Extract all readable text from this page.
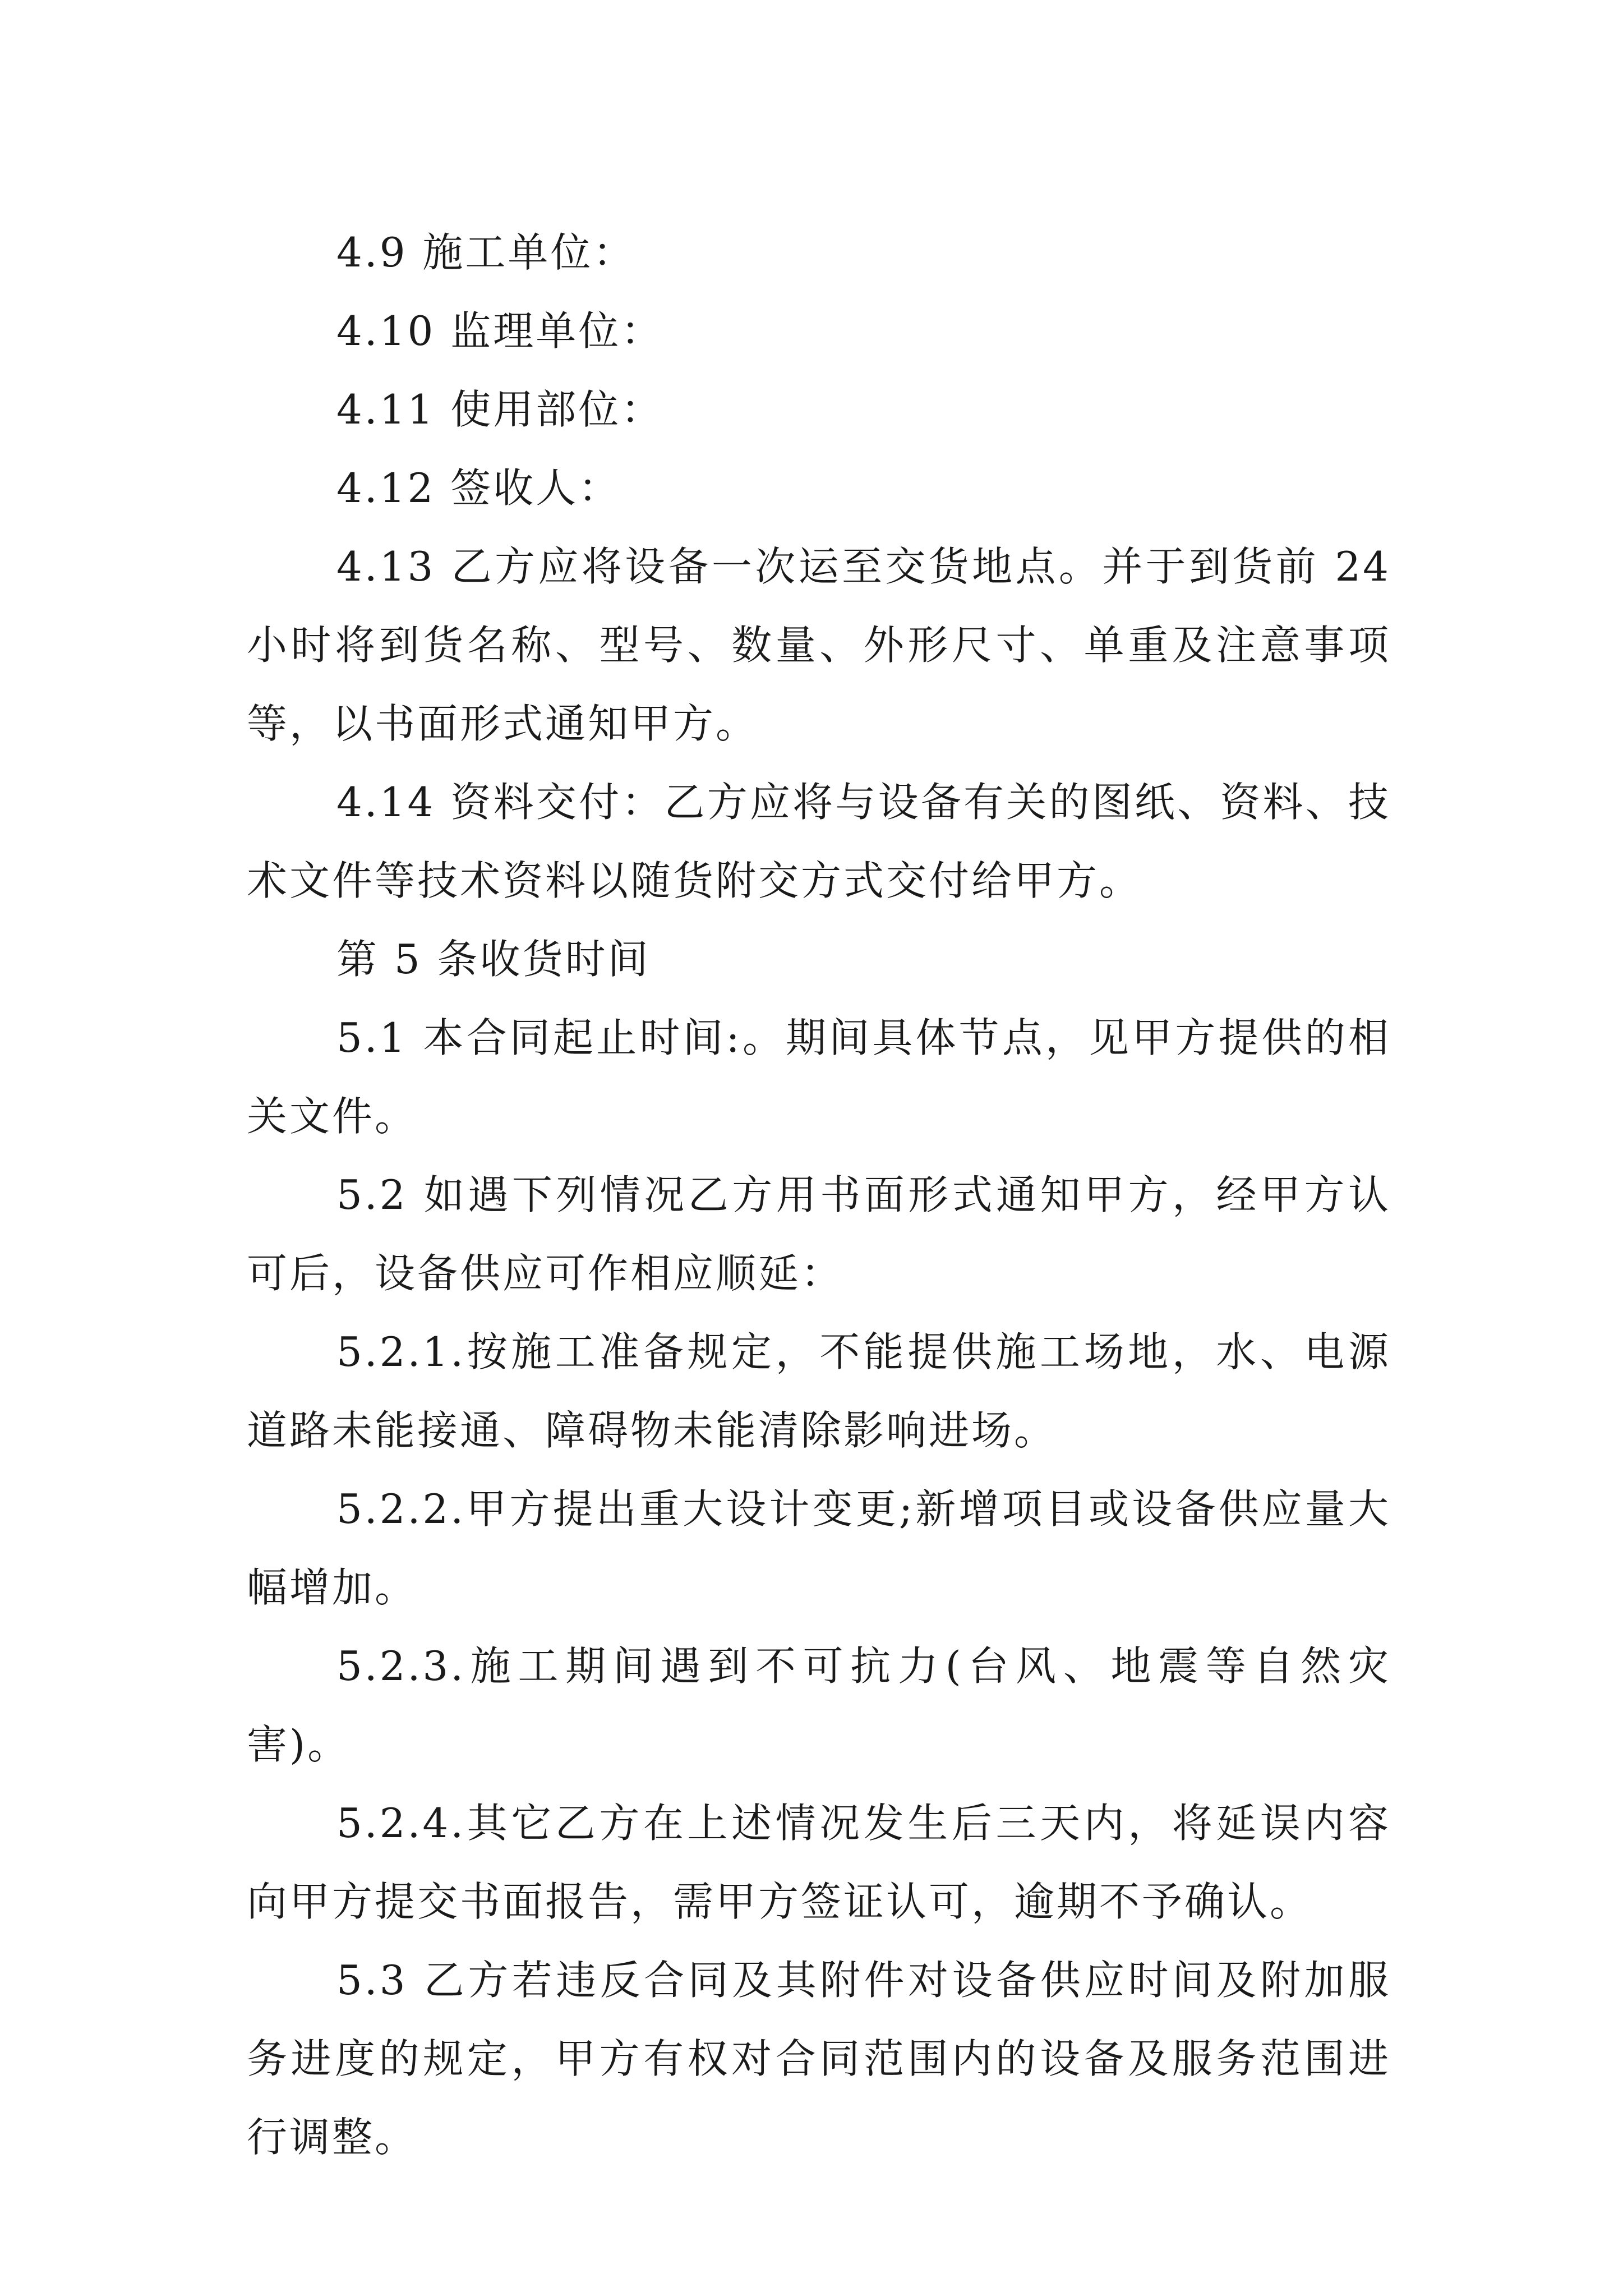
4.9 施工单位：

4.10 监理单位：

4.11 使用部位：

4.12 签收人：

4.13 乙方应将设备一次运至交货地点。并于到货前 24 小时将到货名称、型号、数量、外形尺寸、单重及注意事项等，以书面形式通知甲方。

4.14 资料交付：乙方应将与设备有关的图纸、资料、技术文件等技术资料以随货附交方式交付给甲方。

第 5 条收货时间

5.1 本合同起止时间:。期间具体节点，见甲方提供的相关文件。

5.2 如遇下列情况乙方用书面形式通知甲方，经甲方认可后，设备供应可作相应顺延：

5.2.1.按施工准备规定，不能提供施工场地，水、电源道路未能接通、障碍物未能清除影响进场。

5.2.2.甲方提出重大设计变更;新增项目或设备供应量大幅增加。

5.2.3.施工期间遇到不可抗力(台风、地震等自然灾害)。

5.2.4.其它乙方在上述情况发生后三天内，将延误内容向甲方提交书面报告，需甲方签证认可，逾期不予确认。

5.3 乙方若违反合同及其附件对设备供应时间及附加服务进度的规定，甲方有权对合同范围内的设备及服务范围进行调整。
